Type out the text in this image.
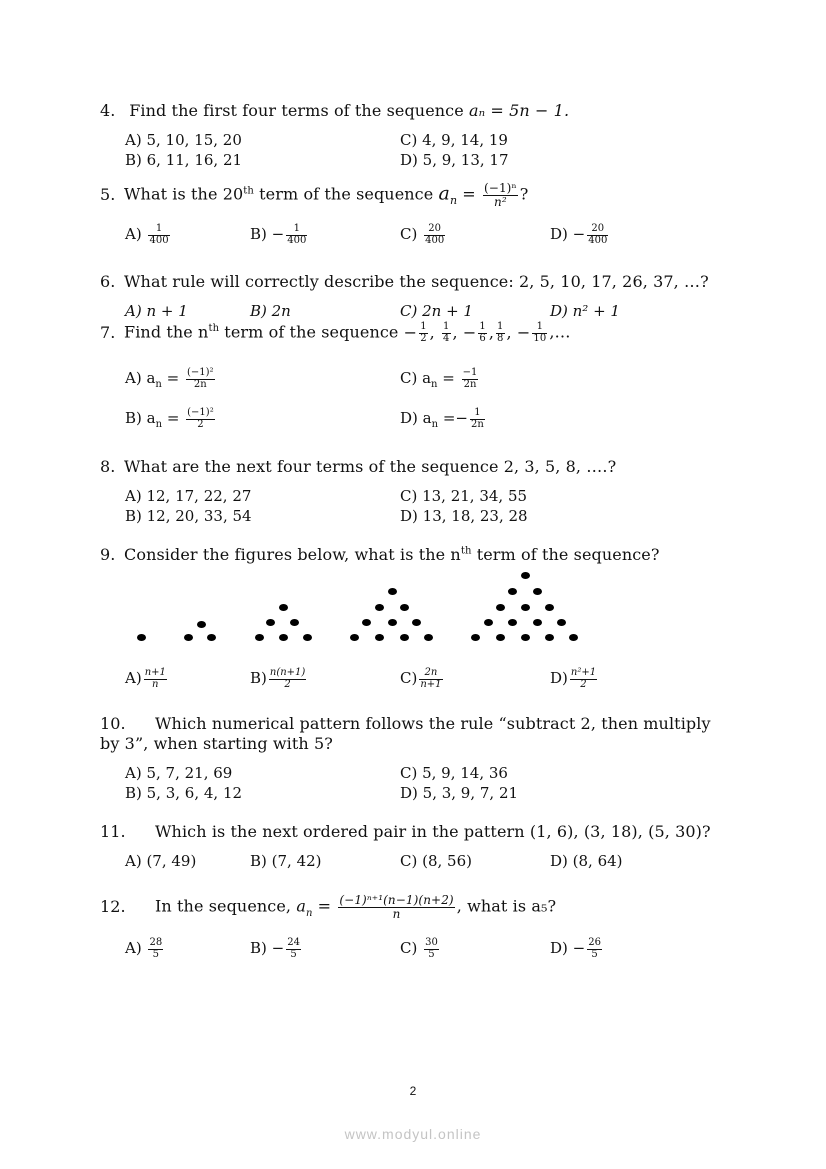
4. Find the first four terms of the sequence aₙ = 5n − 1.
A) 5, 10, 15, 20	C) 4, 9, 14, 19
B) 6, 11, 16, 21	D) 5, 9, 13, 17
5. What is the 20th term of the sequence $a_n = \frac{\text{(−1)ⁿ}}{\text{n²}}$ ?
$A) \frac{1}{400}$	$B) - \frac{1}{400}$	$C) \frac{20}{400}$	$D) - \frac{20}{400}$
6. What rule will correctly describe the sequence: 2, 5, 10, 17, 26, 37, …?
A) n + 1	B) 2n	C) 2n + 1	D) n² + 1
7. Find the $n^{th}$ term of the sequence − $\frac{1}{2}$ , $\frac{1}{4}$ , − $\frac{1}{6}$ , $\frac{1}{8}$ , − $\frac{1}{10}$ ,…
A) $a_n = \frac{\text{(−1)²}}{2n}$	C) $a_n = \frac{-1}{2n}$
B) $a_n = \frac{\text{(−1)²}}{2}$	D) $a_n =- \frac{1}{2n}$
8. What are the next four terms of the sequence 2, 3, 5, 8, ….?
A) 12, 17, 22, 27	C) 13, 21, 34, 55
B) 12, 20, 33, 54	D) 13, 18, 23, 28
9. Consider the figures below, what is the $n^{th}$ term of the sequence?
$A) \frac{n+1}{n}$	$B) \frac{n(n+1)}{2}$	$C) \frac{2n}{n+1}$	$D) \frac{\text{n²+1}}{2}$
10. Which numerical pattern follows the rule “subtract 2, then multiply by 3”, when starting with 5?
A) 5, 7, 21, 69	C) 5, 9, 14, 36
B) 5, 3, 6, 4, 12	D) 5, 3, 9, 7, 21
11. Which is the next ordered pair in the pattern (1, 6), (3, 18), (5, 30)?
A) (7, 49)	B) (7, 42)	C) (8, 56)	D) (8, 64)
12. In the sequence, $a_n = \frac{\text{(−1)ⁿ⁺¹(n−1)(n+2)}}{n}$ , what is a₅?
$A) \frac{28}{5}$	$B) - \frac{24}{5}$	$C) \frac{30}{5}$	$D) - \frac{26}{5}$
2
www.modyul.online
